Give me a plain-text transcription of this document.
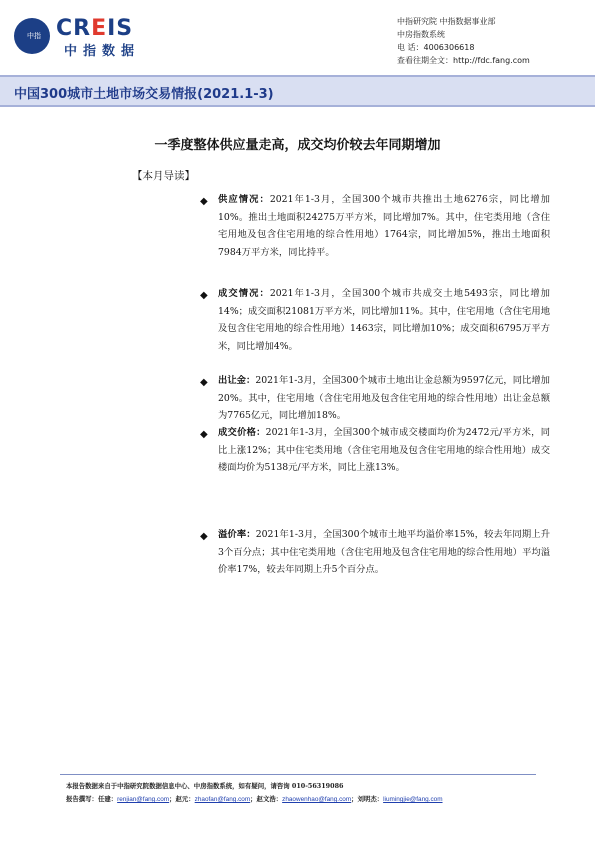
中指 CREIS
中指数据
中指研究院 中指数据事业部
中房指数系统
电 话：4006306618
查看往期全文：http://fdc.fang.com
中国300城市土地市场交易情报(2021.1-3)
一季度整体供应量走高，成交均价较去年同期增加
【本月导读】
◆ 供应情况：2021年1-3月，全国300个城市共推出土地6276宗，同比增加10%。推出土地面积24275万平方米，同比增加7%。其中，住宅类用地（含住宅用地及包含住宅用地的综合性用地）1764宗，同比增加5%，推出土地面积7984万平方米，同比持平。
◆ 成交情况：2021年1-3月，全国300个城市共成交土地5493宗，同比增加14%；成交面积21081万平方米，同比增加11%。其中，住宅用地（含住宅用地及包含住宅用地的综合性用地）1463宗，同比增加10%；成交面积6795万平方米，同比增加4%。
◆ 出让金：2021年1-3月，全国300个城市土地出让金总额为9597亿元，同比增加20%。其中，住宅用地（含住宅用地及包含住宅用地的综合性用地）出让金总额为7765亿元，同比增加18%。
◆ 成交价格：2021年1-3月，全国300个城市成交楼面均价为2472元/平方米，同比上涨12%；其中住宅类用地（含住宅用地及包含住宅用地的综合性用地）成交楼面均价为5138元/平方米，同比上涨13%。
◆ 溢价率：2021年1-3月，全国300个城市土地平均溢价率15%，较去年同期上升3个百分点；其中住宅类用地（含住宅用地及包含住宅用地的综合性用地）平均溢价率17%，较去年同期上升5个百分点。
本报告数据来自于中指研究院数据信息中心、中房指数系统，如有疑问，请咨询 010-56319086
报告撰写：任建：renjian@fang.com；赵元：zhaofan@fang.com；赵文浩：zhaowenhao@fang.com；刘明杰：liumingjie@fang.com
